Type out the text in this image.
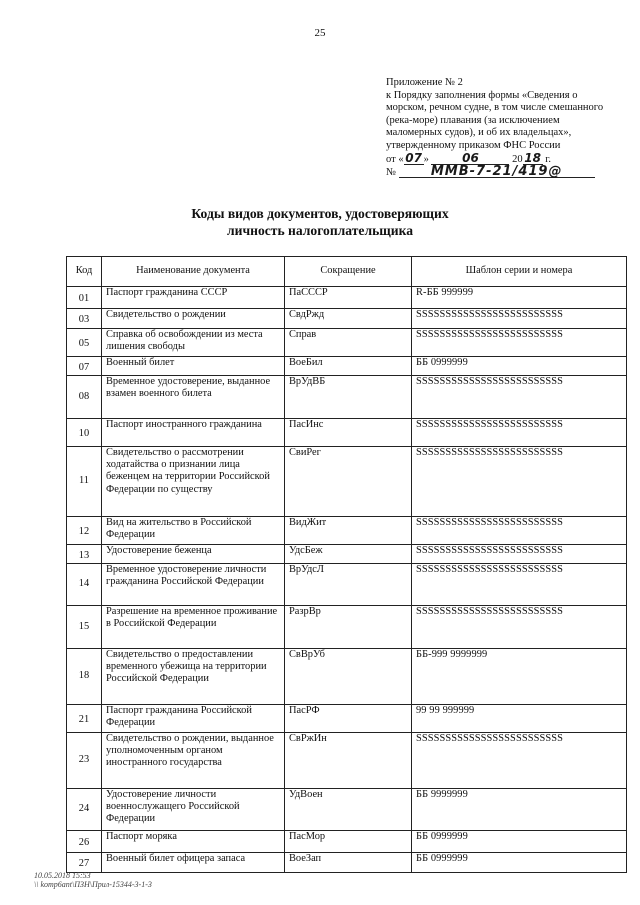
25
Приложение № 2
к Порядку заполнения формы «Сведения о
морском, речном судне, в том числе смешанного
(река-море) плавания (за исключением
маломерных судов), и об их владельцах»,
утвержденному приказом ФНС России
от « 07 »	06	20 18 г.
№	ММВ-7-21/419@
Коды видов документов, удостоверяющих
личность налогоплательщика
Код	Наименование документа	Сокращение	Шаблон серии и номера
01	Паспорт гражданина СССР	ПаСССР	R-ББ 999999
03	Свидетельство о рождении	СвдРжд	SSSSSSSSSSSSSSSSSSSSSSSSS
05	Справка об освобождении из места лишения свободы	Справ	SSSSSSSSSSSSSSSSSSSSSSSSS
07	Военный билет	ВоеБил	ББ 0999999
08	Временное удостоверение, выданное взамен военного билета	ВрУдВБ	SSSSSSSSSSSSSSSSSSSSSSSSS
10	Паспорт иностранного гражданина	ПасИнс	SSSSSSSSSSSSSSSSSSSSSSSSS
11	Свидетельство о рассмотрении ходатайства о признании лица беженцем на территории Российской Федерации по существу	СвиРег	SSSSSSSSSSSSSSSSSSSSSSSSS
12	Вид на жительство в Российской Федерации	ВидЖит	SSSSSSSSSSSSSSSSSSSSSSSSS
13	Удостоверение беженца	УдсБеж	SSSSSSSSSSSSSSSSSSSSSSSSS
14	Временное удостоверение личности гражданина Российской Федерации	ВрУдсЛ	SSSSSSSSSSSSSSSSSSSSSSSSS
15	Разрешение на временное проживание в Российской Федерации	РазрВр	SSSSSSSSSSSSSSSSSSSSSSSSS
18	Свидетельство о предоставлении временного убежища на территории Российской Федерации	СвВрУб	ББ-999 9999999
21	Паспорт гражданина Российской Федерации	ПасРФ	99 99 999999
23	Свидетельство о рождении, выданное уполномоченным органом иностранного государства	СвРжИн	SSSSSSSSSSSSSSSSSSSSSSSSS
24	Удостоверение личности военнослужащего Российской Федерации	УдВоен	ББ 9999999
26	Паспорт моряка	ПасМор	ББ 0999999
27	Военный билет офицера запаса	ВоеЗап	ББ 0999999
10.05.2018 15:53
\\ komp6ant\ПЗН\Прил-15344-3-1-3
